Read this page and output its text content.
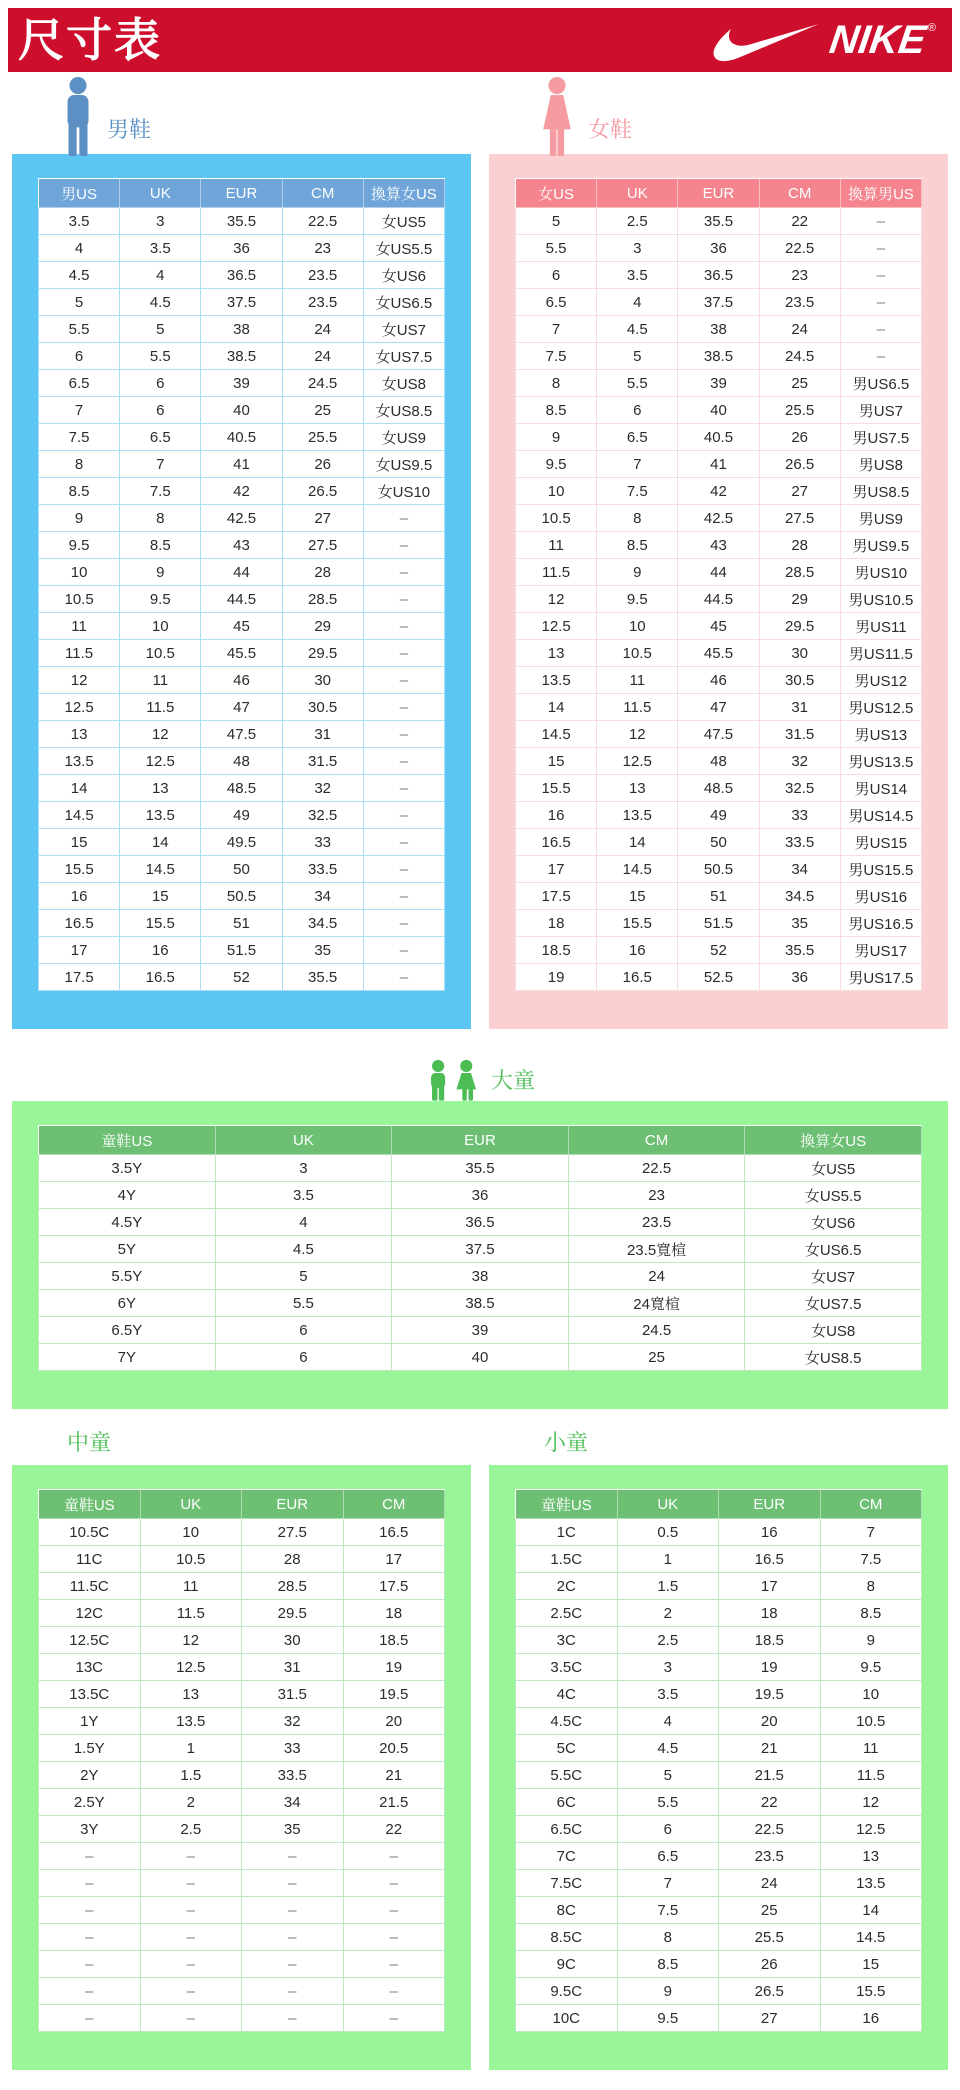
尺寸表	NIKE
®
男鞋
男US	UK	EUR	CM	換算女US
3.5	3	35.5	22.5	女US5
4	3.5	36	23	女US5.5
4.5	4	36.5	23.5	女US6
5	4.5	37.5	23.5	女US6.5
5.5	5	38	24	女US7
6	5.5	38.5	24	女US7.5
6.5	6	39	24.5	女US8
7	6	40	25	女US8.5
7.5	6.5	40.5	25.5	女US9
8	7	41	26	女US9.5
8.5	7.5	42	26.5	女US10
9	8	42.5	27	–
9.5	8.5	43	27.5	–
10	9	44	28	–
10.5	9.5	44.5	28.5	–
11	10	45	29	–
11.5	10.5	45.5	29.5	–
12	11	46	30	–
12.5	11.5	47	30.5	–
13	12	47.5	31	–
13.5	12.5	48	31.5	–
14	13	48.5	32	–
14.5	13.5	49	32.5	–
15	14	49.5	33	–
15.5	14.5	50	33.5	–
16	15	50.5	34	–
16.5	15.5	51	34.5	–
17	16	51.5	35	–
17.5	16.5	52	35.5	–
女鞋
女US	UK	EUR	CM	換算男US
5	2.5	35.5	22	–
5.5	3	36	22.5	–
6	3.5	36.5	23	–
6.5	4	37.5	23.5	–
7	4.5	38	24	–
7.5	5	38.5	24.5	–
8	5.5	39	25	男US6.5
8.5	6	40	25.5	男US7
9	6.5	40.5	26	男US7.5
9.5	7	41	26.5	男US8
10	7.5	42	27	男US8.5
10.5	8	42.5	27.5	男US9
11	8.5	43	28	男US9.5
11.5	9	44	28.5	男US10
12	9.5	44.5	29	男US10.5
12.5	10	45	29.5	男US11
13	10.5	45.5	30	男US11.5
13.5	11	46	30.5	男US12
14	11.5	47	31	男US12.5
14.5	12	47.5	31.5	男US13
15	12.5	48	32	男US13.5
15.5	13	48.5	32.5	男US14
16	13.5	49	33	男US14.5
16.5	14	50	33.5	男US15
17	14.5	50.5	34	男US15.5
17.5	15	51	34.5	男US16
18	15.5	51.5	35	男US16.5
18.5	16	52	35.5	男US17
19	16.5	52.5	36	男US17.5
大童
童鞋US	UK	EUR	CM	換算女US
3.5Y	3	35.5	22.5	女US5
4Y	3.5	36	23	女US5.5
4.5Y	4	36.5	23.5	女US6
5Y	4.5	37.5	23.5寬楦	女US6.5
5.5Y	5	38	24	女US7
6Y	5.5	38.5	24寬楦	女US7.5
6.5Y	6	39	24.5	女US8
7Y	6	40	25	女US8.5
中童
童鞋US	UK	EUR	CM
10.5C	10	27.5	16.5
11C	10.5	28	17
11.5C	11	28.5	17.5
12C	11.5	29.5	18
12.5C	12	30	18.5
13C	12.5	31	19
13.5C	13	31.5	19.5
1Y	13.5	32	20
1.5Y	1	33	20.5
2Y	1.5	33.5	21
2.5Y	2	34	21.5
3Y	2.5	35	22
–	–	–	–
–	–	–	–
–	–	–	–
–	–	–	–
–	–	–	–
–	–	–	–
–	–	–	–
小童
童鞋US	UK	EUR	CM
1C	0.5	16	7
1.5C	1	16.5	7.5
2C	1.5	17	8
2.5C	2	18	8.5
3C	2.5	18.5	9
3.5C	3	19	9.5
4C	3.5	19.5	10
4.5C	4	20	10.5
5C	4.5	21	11
5.5C	5	21.5	11.5
6C	5.5	22	12
6.5C	6	22.5	12.5
7C	6.5	23.5	13
7.5C	7	24	13.5
8C	7.5	25	14
8.5C	8	25.5	14.5
9C	8.5	26	15
9.5C	9	26.5	15.5
10C	9.5	27	16
